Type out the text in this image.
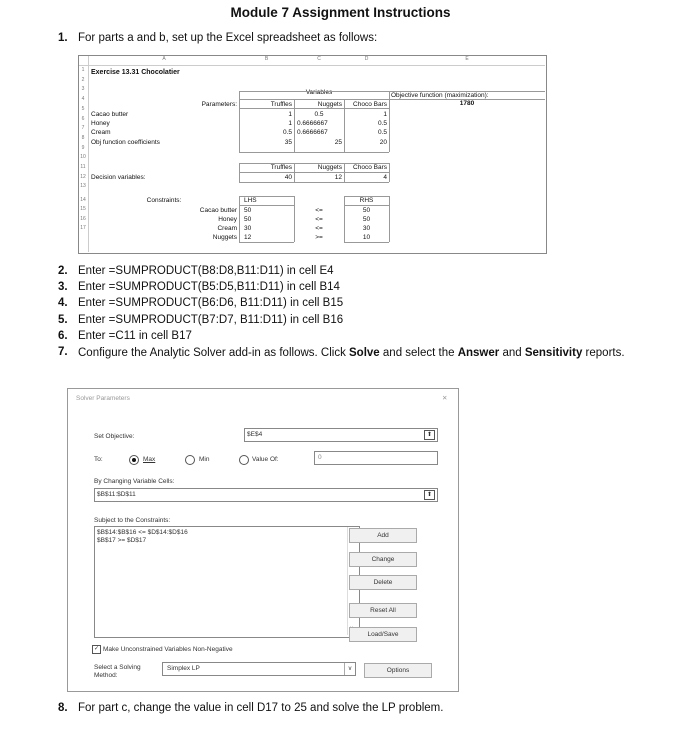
Module 7 Assignment Instructions
1. For parts a and b, set up the Excel spreadsheet as follows:
A	B	C	D	E
1
2
3
4
5
6
7
8
9
10
11
12
13
14
15
16
17
Exercise 13.31 Chocolatier
Variables	Objective function (maximization):
1780
Parameters:	Truffles	Nuggets	Choco Bars
Cacao butter	1	0.5	1
Honey	1 0.6666667	0.5
Cream	0.5 0.6666667	0.5
Obj function coefficients	35	25	20
Truffles	Nuggets	Choco Bars
Decision variables:	40	12	4
Constraints:	LHS	RHS
Cacao butter 50	<=	50
Honey 50	<=	50
Cream 30	<=	30
Nuggets 12	>=	10
2. Enter =SUMPRODUCT(B8:D8,B11:D11) in cell E4
3. Enter =SUMPRODUCT(B5:D5,B11:D11) in cell B14
4. Enter =SUMPRODUCT(B6:D6, B11:D11) in cell B15
5. Enter =SUMPRODUCT(B7:D7, B11:D11) in cell B16
6. Enter =C11 in cell B17
7. Configure the Analytic Solver add-in as follows. Click Solve and select the Answer and Sensitivity reports.
Solver Parameters	✕
Set Objective:	$E$4	⬆
To:	Max	Min	Value Of:	0
By Changing Variable Cells:
$B$11:$D$11	⬆
Subject to the Constraints:
$B$14:$B$16 <= $D$14:$D$16
$B$17 >= $D$17
Add
Change
Delete
Reset All
Load/Save
✓ Make Unconstrained Variables Non-Negative
Select a Solving
Method:
Simplex LP	v	Options
8. For part c, change the value in cell D17 to 25 and solve the LP problem.
